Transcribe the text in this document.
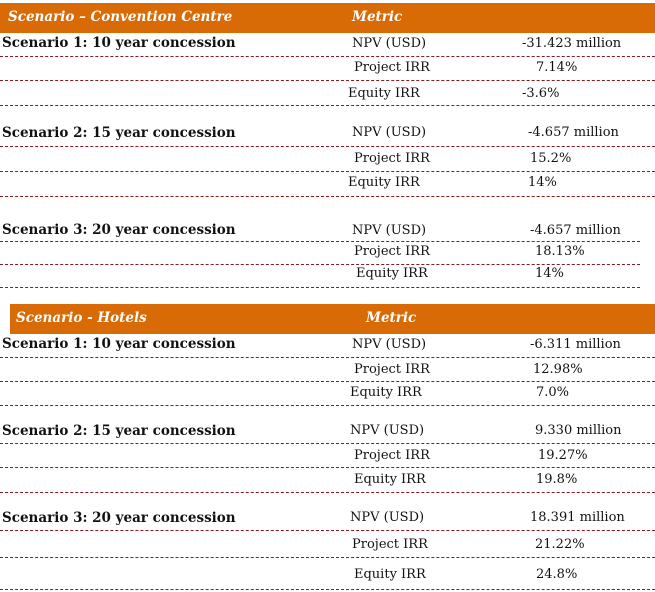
Scenario – Convention Centre	Metric
Scenario 1: 10 year concession	NPV (USD)	-31.423 million
Project IRR	7.14%
Equity IRR	-3.6%
Scenario 2: 15 year concession	NPV (USD)	-4.657 million
Project IRR	15.2%
Equity IRR	14%
Scenario 3: 20 year concession	NPV (USD)	-4.657 million
Project IRR	18.13%
Equity IRR	14%
Scenario - Hotels	Metric
Scenario 1: 10 year concession	NPV (USD)	-6.311 million
Project IRR	12.98%
Equity IRR	7.0%
Scenario 2: 15 year concession	NPV (USD)	9.330 million
Project IRR	19.27%
Equity IRR	19.8%
Scenario 3: 20 year concession	NPV (USD)	18.391 million
Project IRR	21.22%
Equity IRR	24.8%
